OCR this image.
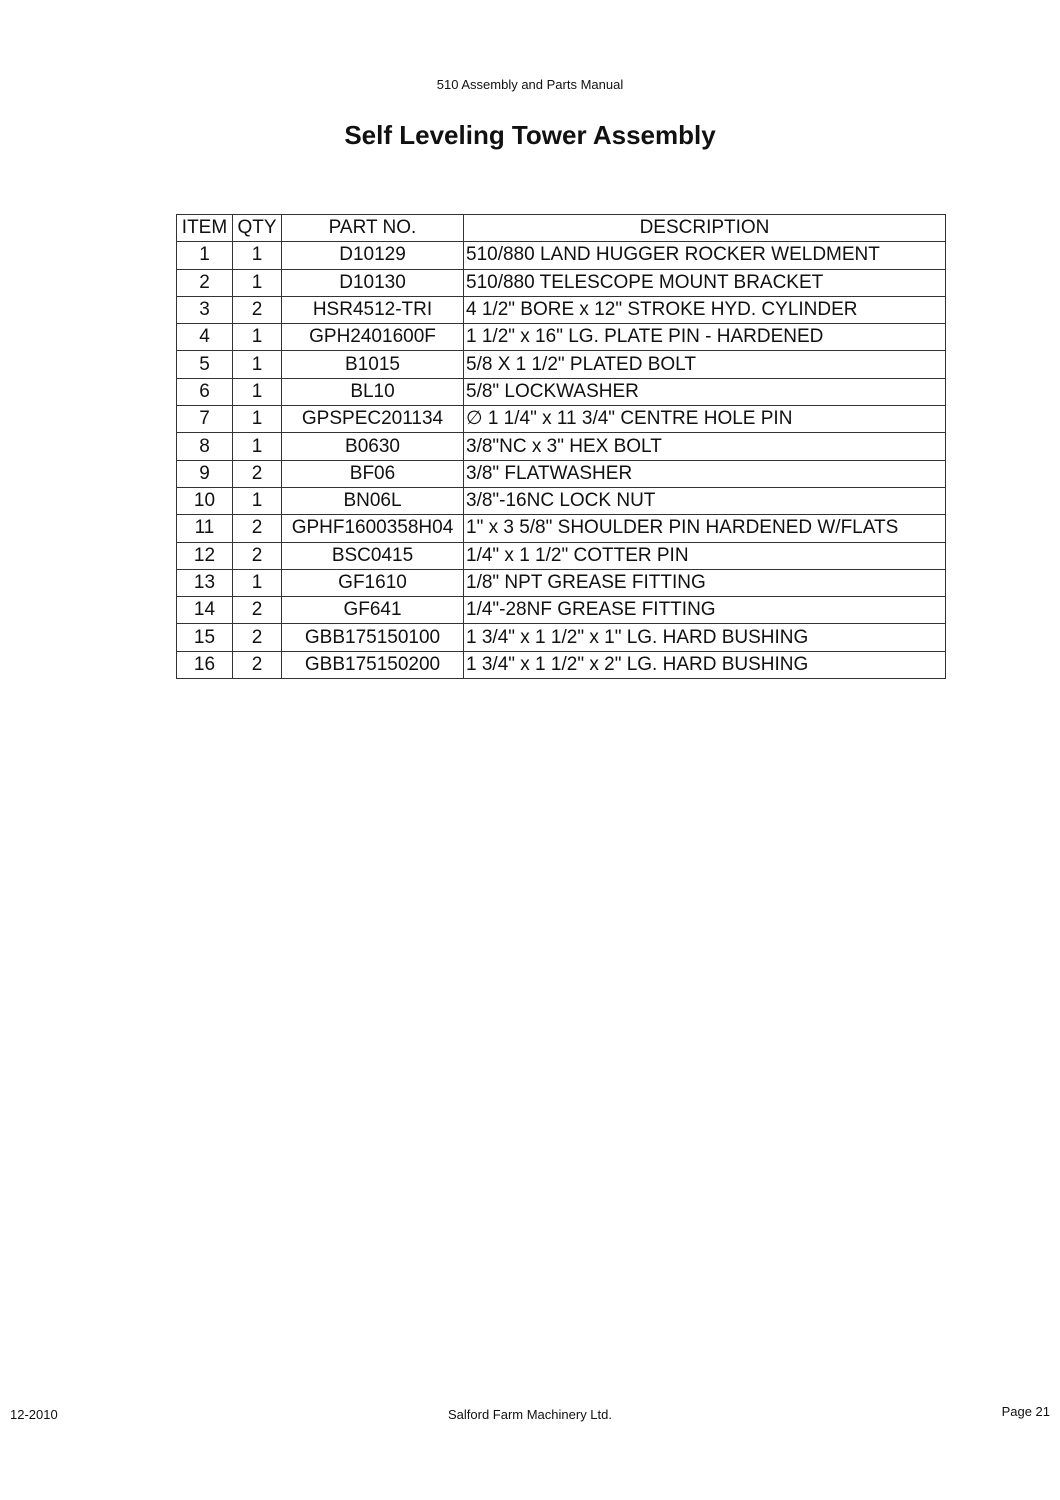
510 Assembly and Parts Manual
Self Leveling Tower Assembly
ITEM	QTY	PART NO.	DESCRIPTION
1	1	D10129	510/880 LAND HUGGER ROCKER WELDMENT
2	1	D10130	510/880 TELESCOPE MOUNT BRACKET
3	2	HSR4512-TRI	4 1/2" BORE x 12" STROKE HYD. CYLINDER
4	1	GPH2401600F	1 1/2" x 16" LG. PLATE PIN - HARDENED
5	1	B1015	5/8 X 1 1/2" PLATED BOLT
6	1	BL10	5/8" LOCKWASHER
7	1	GPSPEC201134	∅ 1 1/4" x 11 3/4" CENTRE HOLE PIN
8	1	B0630	3/8"NC x 3" HEX BOLT
9	2	BF06	3/8" FLATWASHER
10	1	BN06L	3/8"-16NC LOCK NUT
11	2	GPHF1600358H04	1" x 3 5/8" SHOULDER PIN HARDENED W/FLATS
12	2	BSC0415	1/4" x 1 1/2" COTTER PIN
13	1	GF1610	1/8" NPT GREASE FITTING
14	2	GF641	1/4"-28NF GREASE FITTING
15	2	GBB175150100	1 3/4" x 1 1/2" x 1" LG. HARD BUSHING
16	2	GBB175150200	1 3/4" x 1 1/2" x 2" LG. HARD BUSHING
12-2010	Salford Farm Machinery Ltd.	Page 21
